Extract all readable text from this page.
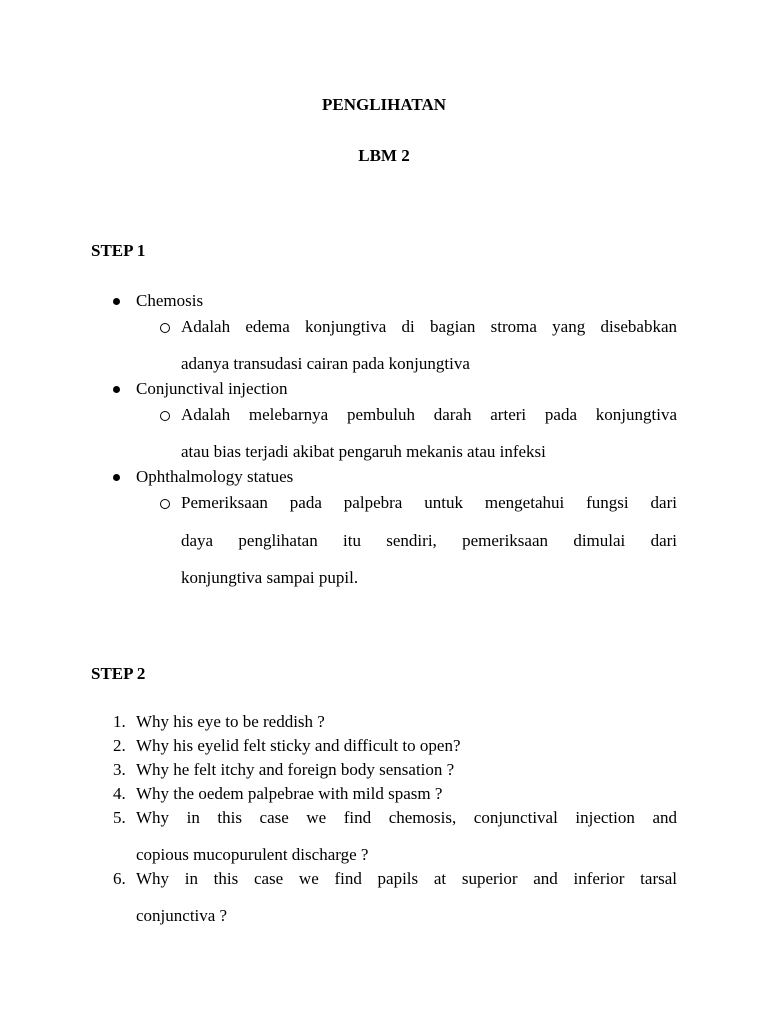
PENGLIHATAN
LBM 2
STEP 1
Chemosis
Adalah edema konjungtiva di bagian stroma yang disebabkan
adanya transudasi cairan pada konjungtiva
Conjunctival injection
Adalah melebarnya pembuluh darah arteri pada konjungtiva
atau bias terjadi akibat pengaruh mekanis atau infeksi
Ophthalmology statues
Pemeriksaan pada palpebra untuk mengetahui fungsi dari
daya penglihatan itu sendiri, pemeriksaan dimulai dari
konjungtiva sampai pupil.
STEP 2
1. Why his eye to be reddish ?
2. Why his eyelid felt sticky and difficult to open?
3. Why he felt itchy and foreign body sensation ?
4. Why the oedem palpebrae with mild spasm ?
5. Why in this case we find chemosis, conjunctival injection and
copious mucopurulent discharge ?
6. Why in this case we find papils at superior and inferior tarsal
conjunctiva ?
